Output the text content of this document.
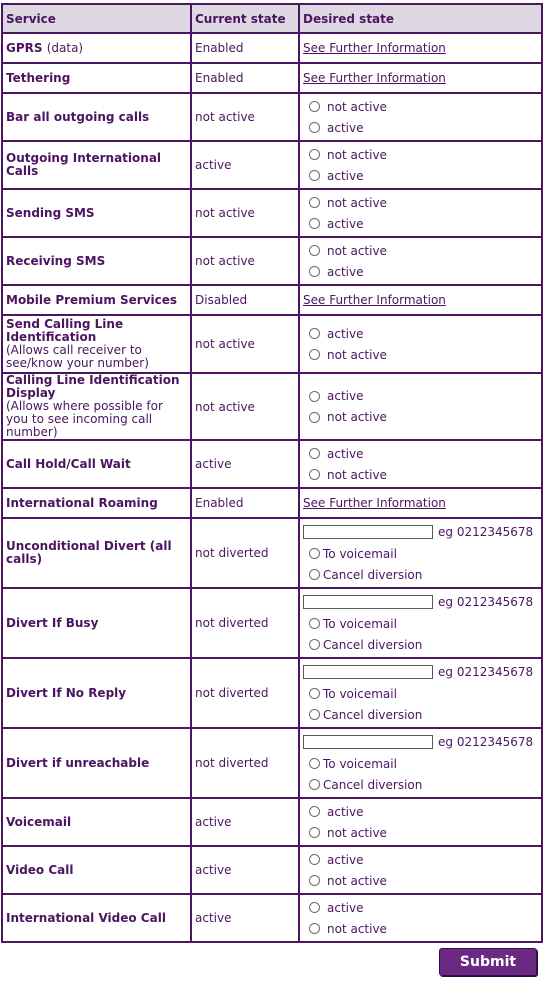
Service	Current state	Desired state
GPRS (data)	Enabled	See Further Information
Tethering	Enabled	See Further Information
Bar all outgoing calls	not active	not active
active

Outgoing International Calls	active	not active
active

Sending SMS	not active	not active
active

Receiving SMS	not active	not active
active

Mobile Premium Services	Disabled	See Further Information
Send Calling Line Identification
(Allows call receiver to see/know your number)	not active	active
not active

Calling Line Identification Display
(Allows where possible for you to see incoming call number)	not active	active
not active

Call Hold/Call Wait	active	active
not active

International Roaming	Enabled	See Further Information
Unconditional Divert (all calls)	not diverted	eg 0212345678
To voicemail
Cancel diversion

Divert If Busy	not diverted	eg 0212345678
To voicemail
Cancel diversion

Divert If No Reply	not diverted	eg 0212345678
To voicemail
Cancel diversion

Divert if unreachable	not diverted	eg 0212345678
To voicemail
Cancel diversion

Voicemail	active	active
not active

Video Call	active	active
not active

International Video Call	active	active
not active
Submit
